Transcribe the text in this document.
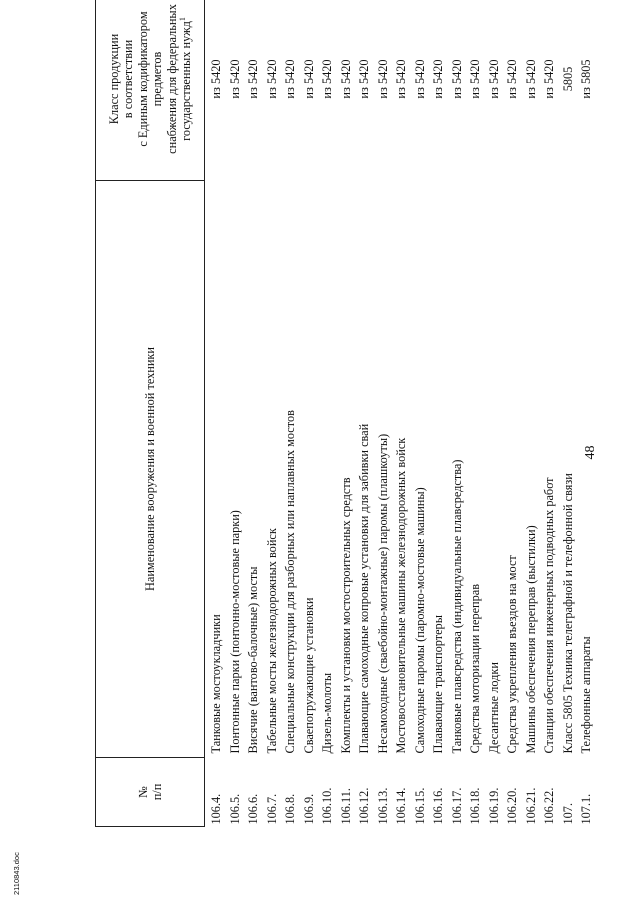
48
№ п/п	Наименование вооружения и военной техники	Класс продукции в соответствии с Единым кодификатором предметов снабжения для федеральных государственных нужд$^1$

106.4.	Танковые мостоукладчики	из 5420
106.5.	Понтонные парки (понтонно-мостовые парки)	из 5420
106.6.	Висячие (вантово-балочные) мосты	из 5420
106.7.	Табельные мосты железнодорожных войск	из 5420
106.8.	Специальные конструкции для разборных или наплавных мостов	из 5420
106.9.	Сваепогружающие установки	из 5420
106.10.	Дизель-молоты	из 5420
106.11.	Комплекты и установки мостостроительных средств	из 5420
106.12.	Плавающие самоходные копровые установки для забивки свай	из 5420
106.13.	Несамоходные (сваебойно-монтажные) паромы (плашкоуты)	из 5420
106.14.	Мостовосстановительные машины железнодорожных войск	из 5420
106.15.	Самоходные паромы (паромно-мостовые машины)	из 5420
106.16.	Плавающие транспортеры	из 5420
106.17.	Танковые плавсредства (индивидуальные плавсредства)	из 5420
106.18.	Средства моторизации переправ	из 5420
106.19.	Десантные лодки	из 5420
106.20.	Средства укрепления въездов на мост	из 5420
106.21.	Машины обеспечения переправ (выстилки)	из 5420
106.22.	Станции обеспечения инженерных подводных работ	из 5420
107.	Класс 5805 Техника телеграфной и телефонной связи	5805
107.1.	Телефонные аппараты	из 5805
2110843.doc
